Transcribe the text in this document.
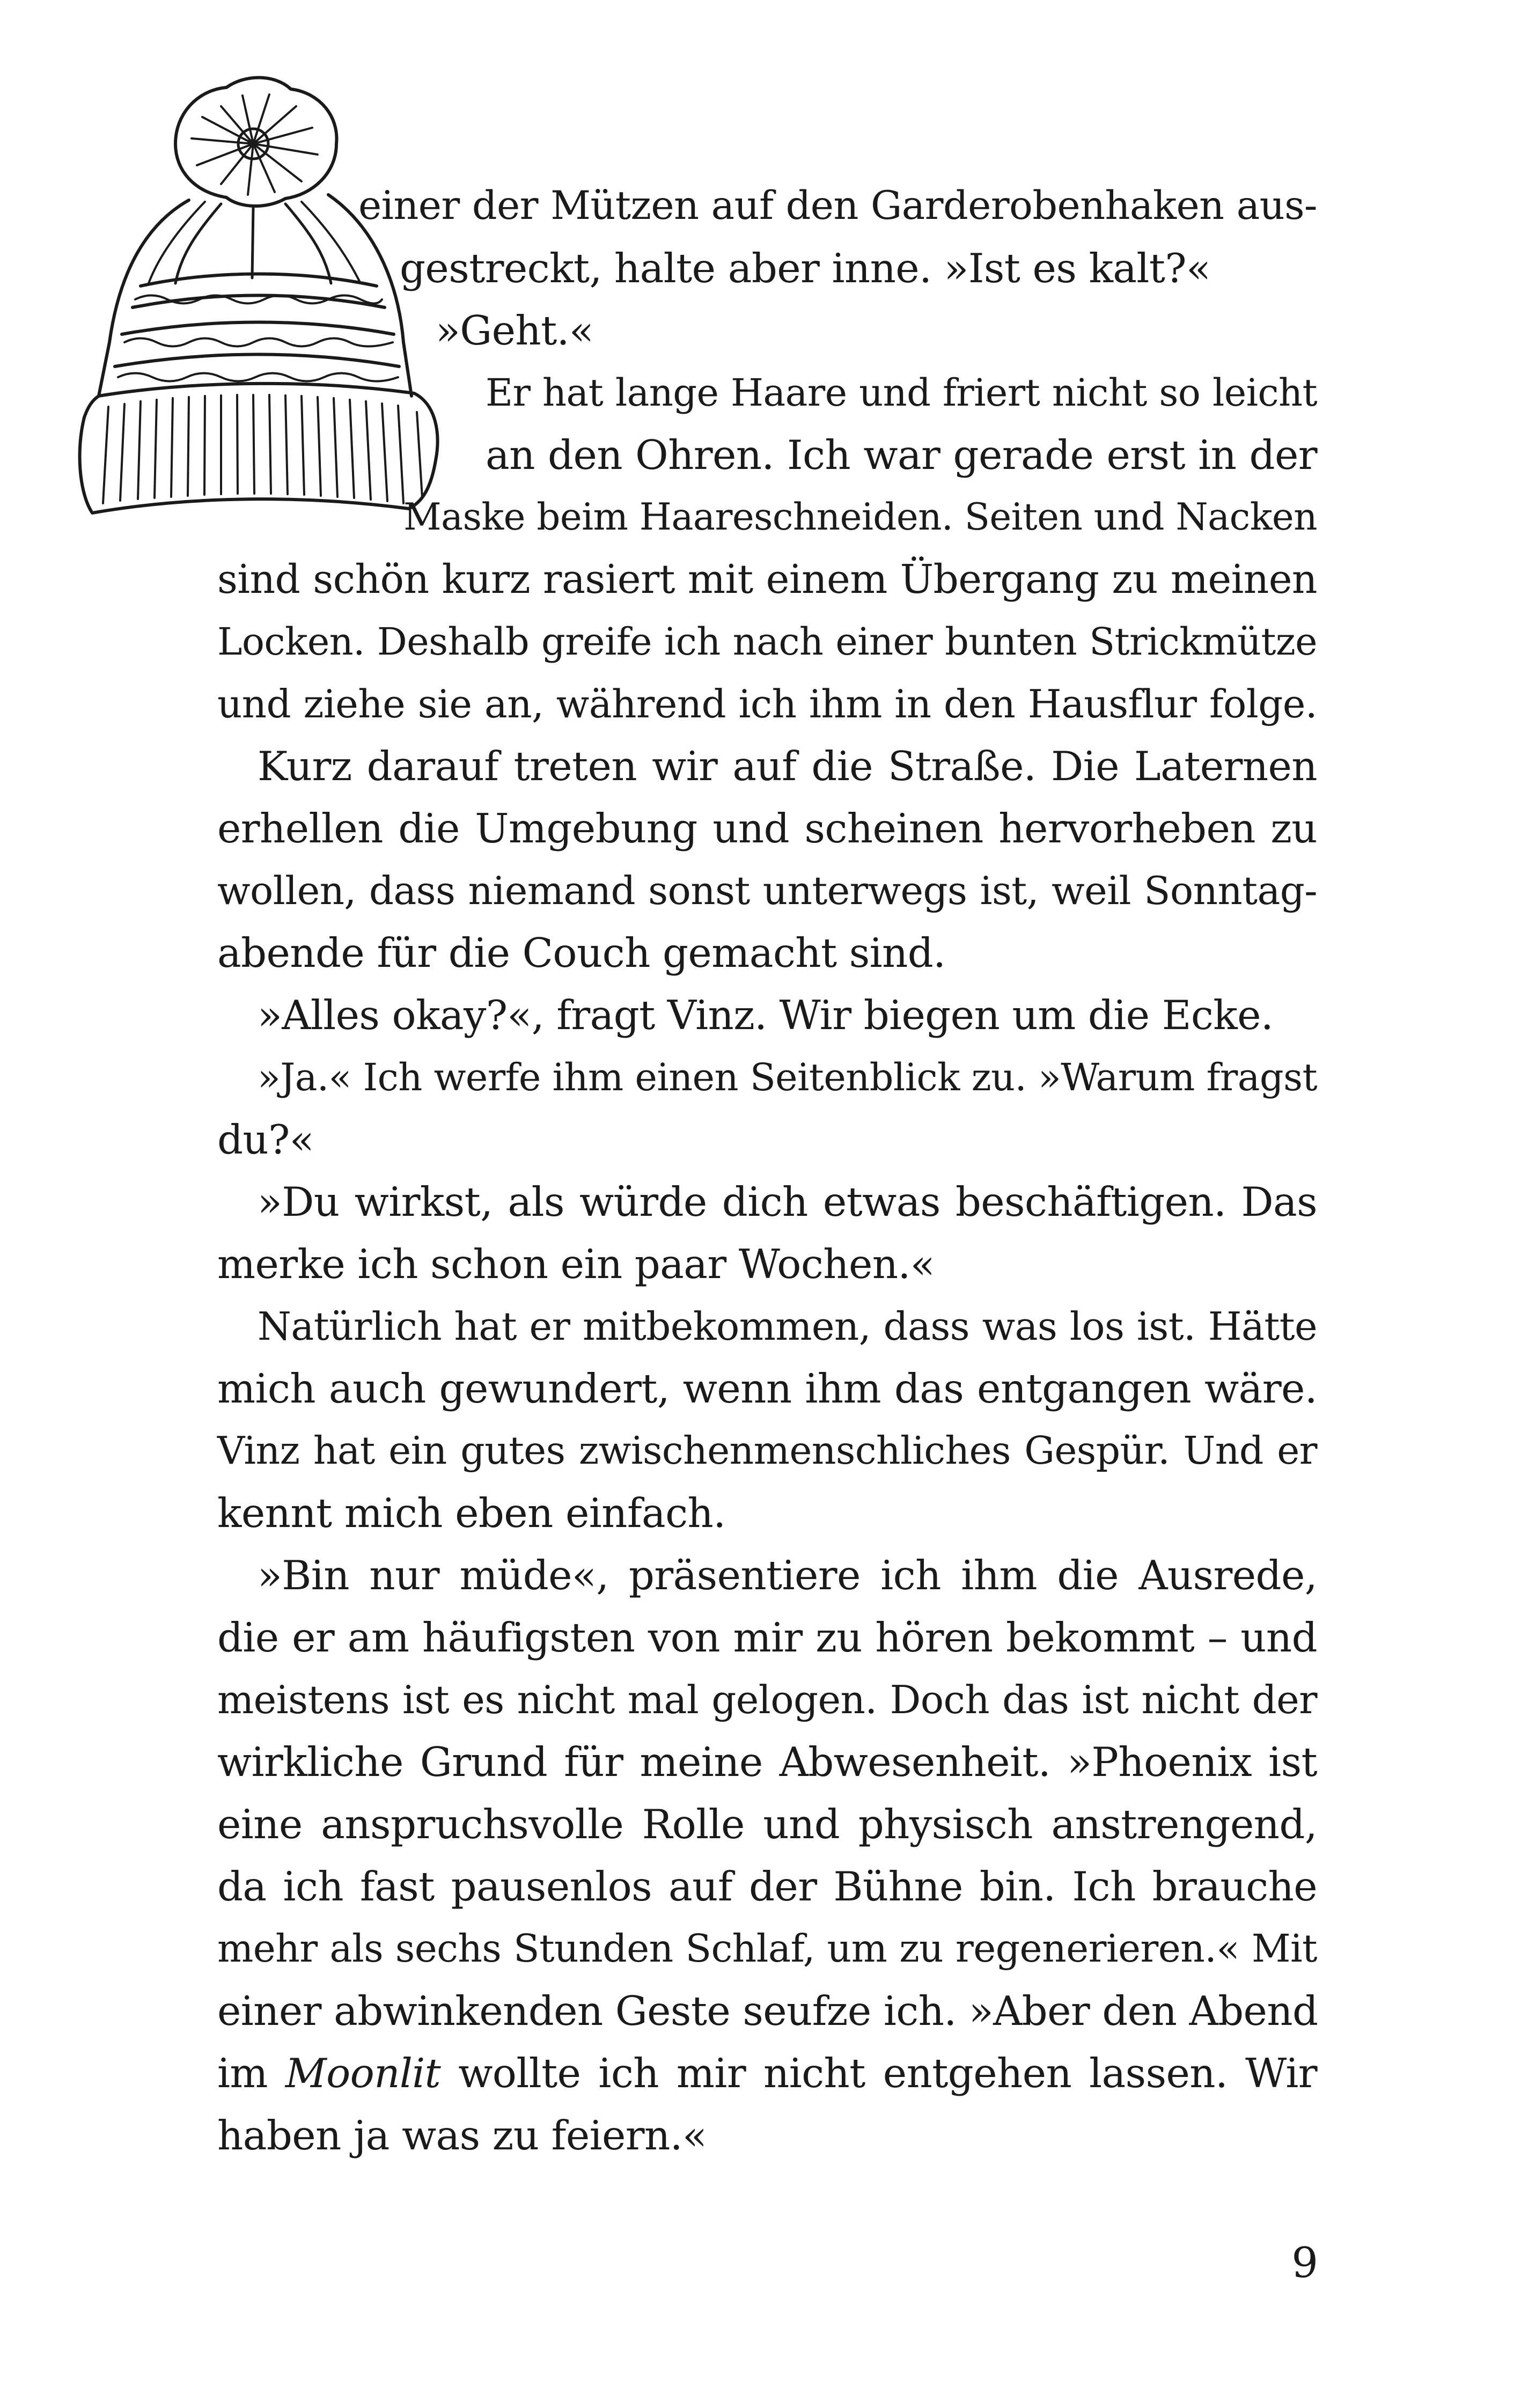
einer der Mützen auf den Garderobenhaken aus-
gestreckt, halte aber inne. »Ist es kalt?«
»Geht.«
Er hat lange Haare und friert nicht so leicht
an den Ohren. Ich war gerade erst in der
Maske beim Haareschneiden. Seiten und Nacken
sind schön kurz rasiert mit einem Übergang zu meinen
Locken. Deshalb greife ich nach einer bunten Strickmütze
und ziehe sie an, während ich ihm in den Hausflur folge.
Kurz darauf treten wir auf die Straße. Die Laternen
erhellen die Umgebung und scheinen hervorheben zu
wollen, dass niemand sonst unterwegs ist, weil Sonntag-
abende für die Couch gemacht sind.
»Alles okay?«, fragt Vinz. Wir biegen um die Ecke.
»Ja.« Ich werfe ihm einen Seitenblick zu. »Warum fragst
du?«
»Du wirkst, als würde dich etwas beschäftigen. Das
merke ich schon ein paar Wochen.«
Natürlich hat er mitbekommen, dass was los ist. Hätte
mich auch gewundert, wenn ihm das entgangen wäre.
Vinz hat ein gutes zwischenmenschliches Gespür. Und er
kennt mich eben einfach.
»Bin nur müde«, präsentiere ich ihm die Ausrede,
die er am häufigsten von mir zu hören bekommt – und
meistens ist es nicht mal gelogen. Doch das ist nicht der
wirkliche Grund für meine Abwesenheit. »Phoenix ist
eine anspruchsvolle Rolle und physisch anstrengend,
da ich fast pausenlos auf der Bühne bin. Ich brauche
mehr als sechs Stunden Schlaf, um zu regenerieren.« Mit
einer abwinkenden Geste seufze ich. »Aber den Abend
im Moonlit wollte ich mir nicht entgehen lassen. Wir
haben ja was zu feiern.«
9
